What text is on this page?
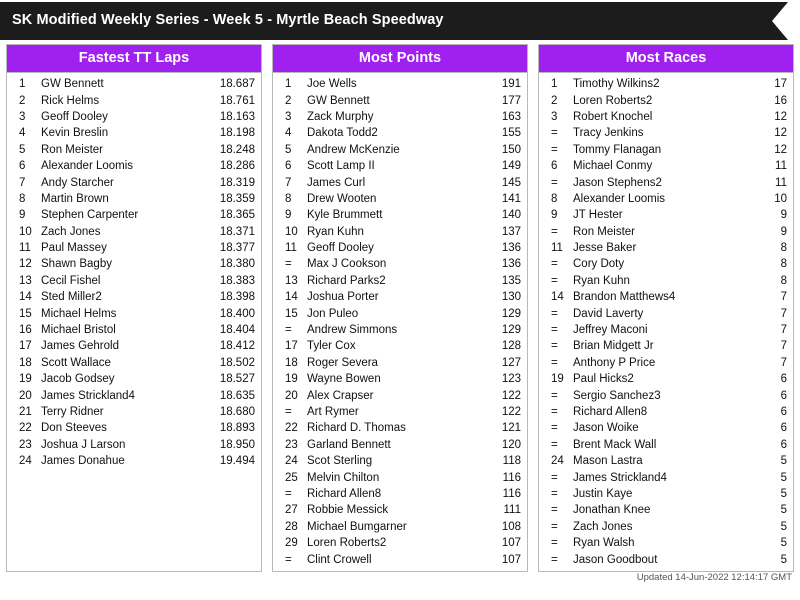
SK Modified Weekly Series - Week 5 - Myrtle Beach Speedway
Fastest TT Laps
1	GW Bennett	18.687
2	Rick Helms	18.761
3	Geoff Dooley	18.163
4	Kevin Breslin	18.198
5	Ron Meister	18.248
6	Alexander Loomis	18.286
7	Andy Starcher	18.319
8	Martin Brown	18.359
9	Stephen Carpenter	18.365
10 Zach Jones	18.371
11 Paul Massey	18.377
12 Shawn Bagby	18.380
13 Cecil Fishel	18.383
14 Sted Miller2	18.398
15 Michael Helms	18.400
16 Michael Bristol	18.404
17 James Gehrold	18.412
18 Scott Wallace	18.502
19 Jacob Godsey	18.527
20 James Strickland4	18.635
21 Terry Ridner	18.680
22 Don Steeves	18.893
23 Joshua J Larson	18.950
24 James Donahue	19.494
Most Points
1	Joe Wells	191
2	GW Bennett	177
3	Zack Murphy	163
4	Dakota Todd2	155
5	Andrew McKenzie	150
6	Scott Lamp II	149
7	James Curl	145
8	Drew Wooten	141
9	Kyle Brummett	140
10 Ryan Kuhn	137
11 Geoff Dooley	136
=	Max J Cookson	136
13 Richard Parks2	135
14 Joshua Porter	130
15 Jon Puleo	129
=	Andrew Simmons	129
17 Tyler Cox	128
18 Roger Severa	127
19 Wayne Bowen	123
20 Alex Crapser	122
=	Art Rymer	122
22 Richard D. Thomas	121
23 Garland Bennett	120
24 Scot Sterling	118
25 Melvin Chilton	116
=	Richard Allen8	116
27 Robbie Messick	111
28 Michael Bumgarner	108
29 Loren Roberts2	107
=	Clint Crowell	107
Most Races
1	Timothy Wilkins2	17
2	Loren Roberts2	16
3	Robert Knochel	12
=	Tracy Jenkins	12
=	Tommy Flanagan	12
6	Michael Conmy	11
=	Jason Stephens2	11
8	Alexander Loomis	10
9	JT Hester	9
=	Ron Meister	9
11 Jesse Baker	8
=	Cory Doty	8
=	Ryan Kuhn	8
14 Brandon Matthews4	7
=	David Laverty	7
=	Jeffrey Maconi	7
=	Brian Midgett Jr	7
=	Anthony P Price	7
19 Paul Hicks2	6
=	Sergio Sanchez3	6
=	Richard Allen8	6
=	Jason Woike	6
=	Brent Mack Wall	6
24 Mason Lastra	5
=	James Strickland4	5
=	Justin Kaye	5
=	Jonathan Knee	5
=	Zach Jones	5
=	Ryan Walsh	5
=	Jason Goodbout	5
Updated 14-Jun-2022 12:14:17 GMT
